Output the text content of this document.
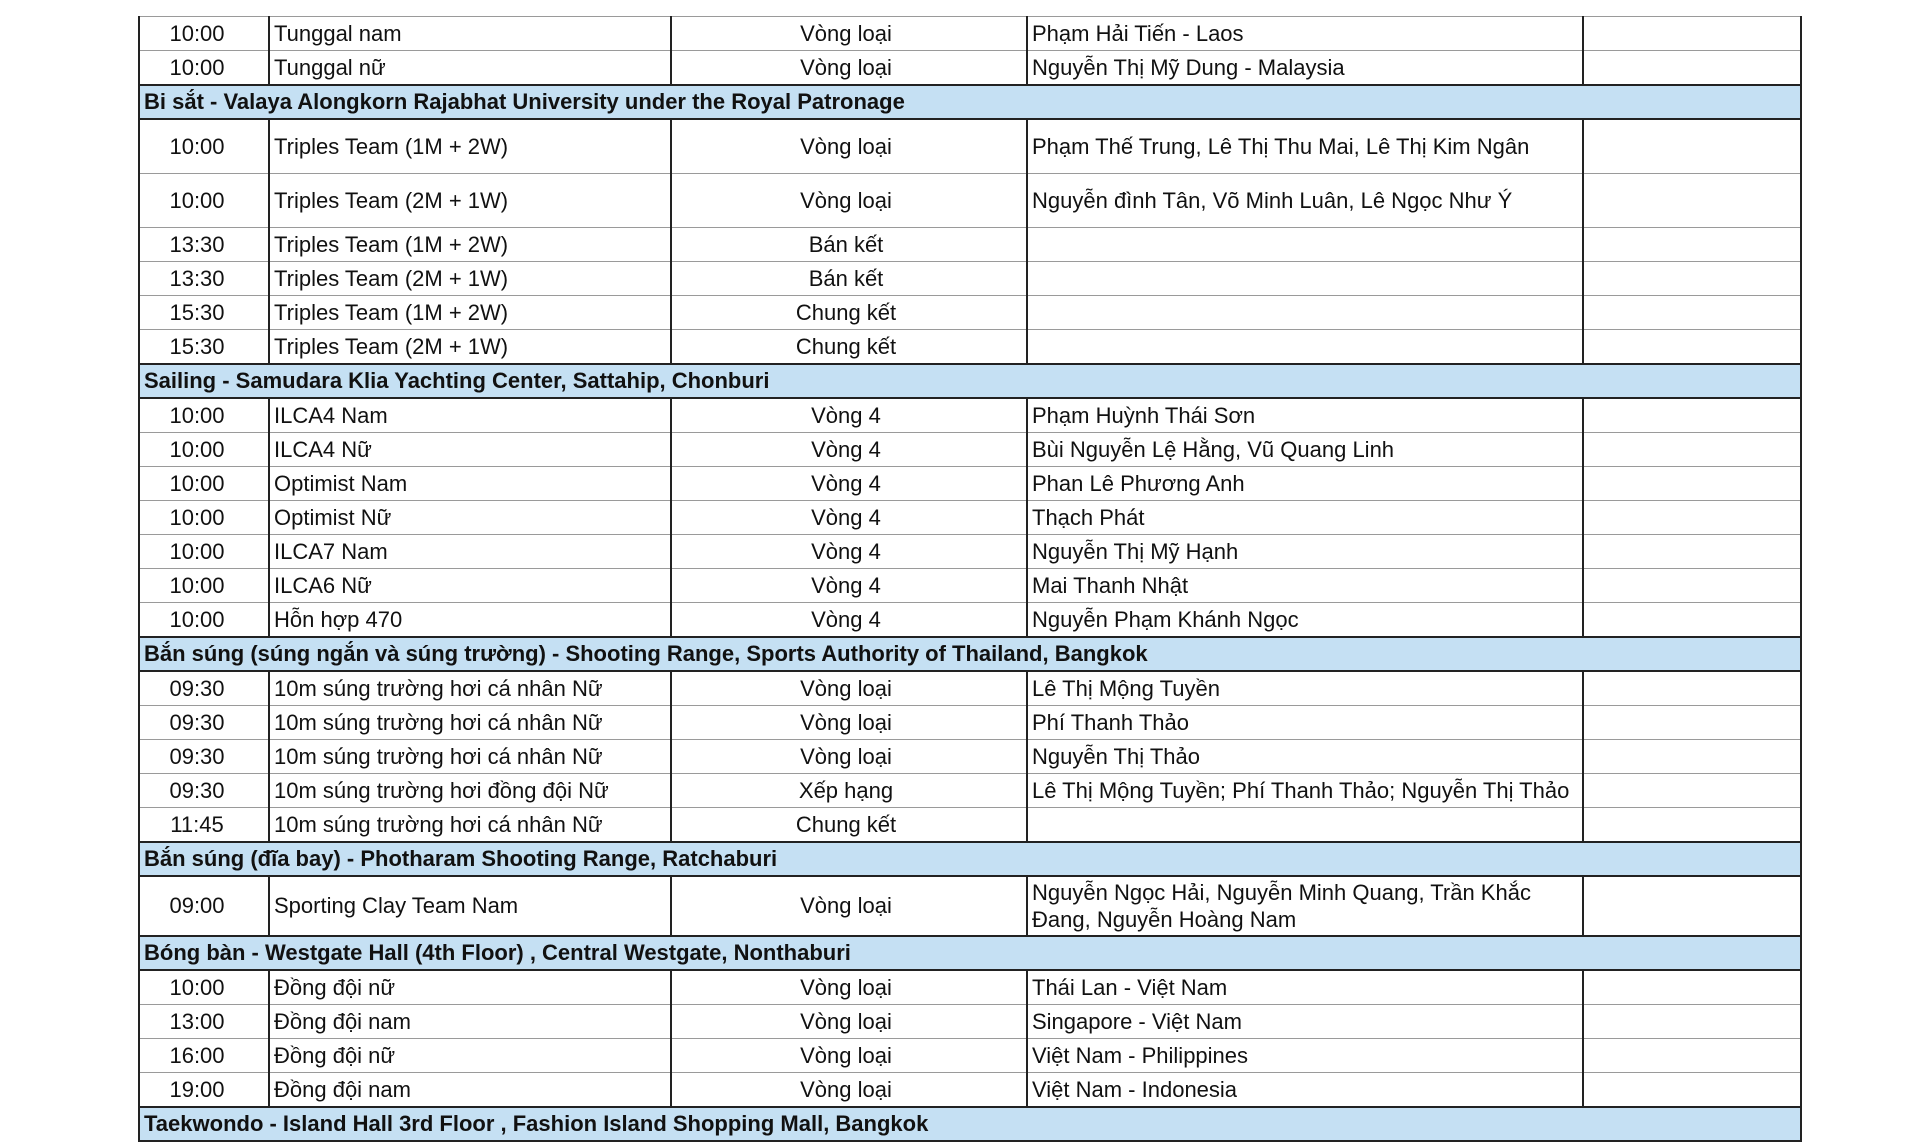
10:00	Tunggal nam	Vòng loại	Phạm Hải Tiến - Laos	
10:00	Tunggal nữ	Vòng loại	Nguyễn Thị Mỹ Dung - Malaysia	
Bi sắt - Valaya Alongkorn Rajabhat University under the Royal Patronage				
10:00	Triples Team (1M + 2W)	Vòng loại	Phạm Thế Trung, Lê Thị Thu Mai, Lê Thị Kim Ngân	
10:00	Triples Team (2M + 1W)	Vòng loại	Nguyễn đình Tân, Võ Minh Luân, Lê Ngọc Như Ý	
13:30	Triples Team (1M + 2W)	Bán kết		
13:30	Triples Team (2M + 1W)	Bán kết		
15:30	Triples Team (1M + 2W)	Chung kết		
15:30	Triples Team (2M + 1W)	Chung kết		
Sailing - Samudara Klia Yachting Center, Sattahip, Chonburi				
10:00	ILCA4 Nam	Vòng 4	Phạm Huỳnh Thái Sơn	
10:00	ILCA4 Nữ	Vòng 4	Bùi Nguyễn Lệ Hằng, Vũ Quang Linh	
10:00	Optimist Nam	Vòng 4	Phan Lê Phương Anh	
10:00	Optimist Nữ	Vòng 4	Thạch Phát	
10:00	ILCA7 Nam	Vòng 4	Nguyễn Thị Mỹ Hạnh	
10:00	ILCA6 Nữ	Vòng 4	Mai Thanh Nhật	
10:00	Hỗn hợp 470	Vòng 4	Nguyễn Phạm Khánh Ngọc	
Bắn súng (súng ngắn và súng trường) - Shooting Range, Sports Authority of Thailand, Bangkok				
09:30	10m súng trường hơi cá nhân Nữ	Vòng loại	Lê Thị Mộng Tuyền	
09:30	10m súng trường hơi cá nhân Nữ	Vòng loại	Phí Thanh Thảo	
09:30	10m súng trường hơi cá nhân Nữ	Vòng loại	Nguyễn Thị Thảo	
09:30	10m súng trường hơi đồng đội Nữ	Xếp hạng	Lê Thị Mộng Tuyền; Phí Thanh Thảo; Nguyễn Thị Thảo	
11:45	10m súng trường hơi cá nhân Nữ	Chung kết		
Bắn súng (đĩa bay) - Photharam Shooting Range, Ratchaburi				
09:00	Sporting Clay Team Nam	Vòng loại	Nguyễn Ngọc Hải, Nguyễn Minh Quang, Trần Khắc Đang, Nguyễn Hoàng Nam	
Bóng bàn - Westgate Hall (4th Floor) , Central Westgate, Nonthaburi				
10:00	Đồng đội nữ	Vòng loại	Thái Lan - Việt Nam	
13:00	Đồng đội nam	Vòng loại	Singapore - Việt Nam	
16:00	Đồng đội nữ	Vòng loại	Việt Nam - Philippines	
19:00	Đồng đội nam	Vòng loại	Việt Nam - Indonesia	
Taekwondo - Island Hall 3rd Floor , Fashion Island Shopping Mall, Bangkok				
